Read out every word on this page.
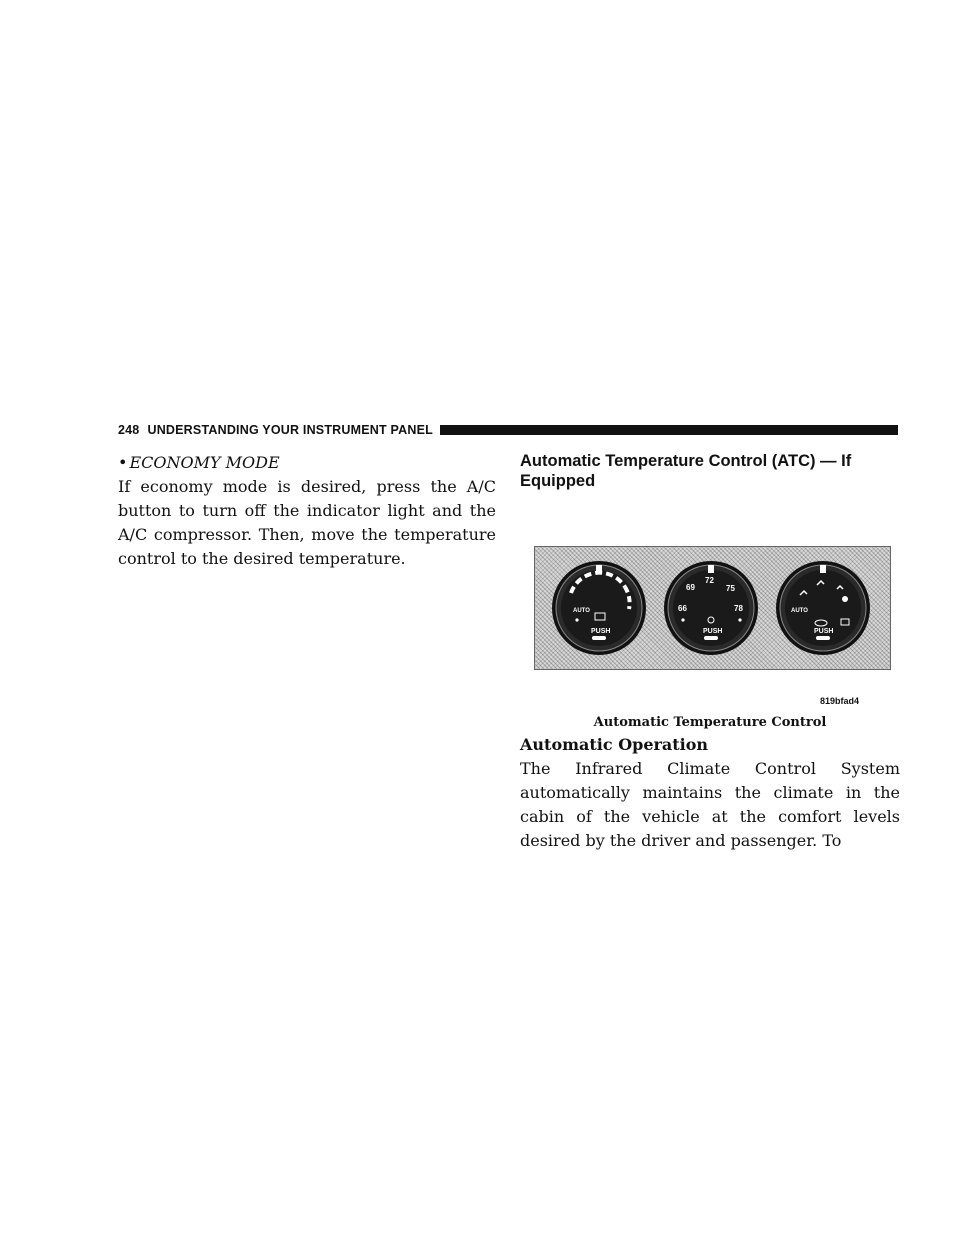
248 UNDERSTANDING YOUR INSTRUMENT PANEL
• ECONOMY MODE

If economy mode is desired, press the A/C button to turn off the indicator light and the A/C compressor. Then, move the temperature control to the desired temperature.

Automatic Temperature Control (ATC) — If Equipped
AUTO
PUSH
69
72
75
66	78
PUSH
AUTO
PUSH
819bfad4
Automatic Temperature Control
Automatic Operation

The Infrared Climate Control System automatically maintains the climate in the cabin of the vehicle at the comfort levels desired by the driver and passenger. To
